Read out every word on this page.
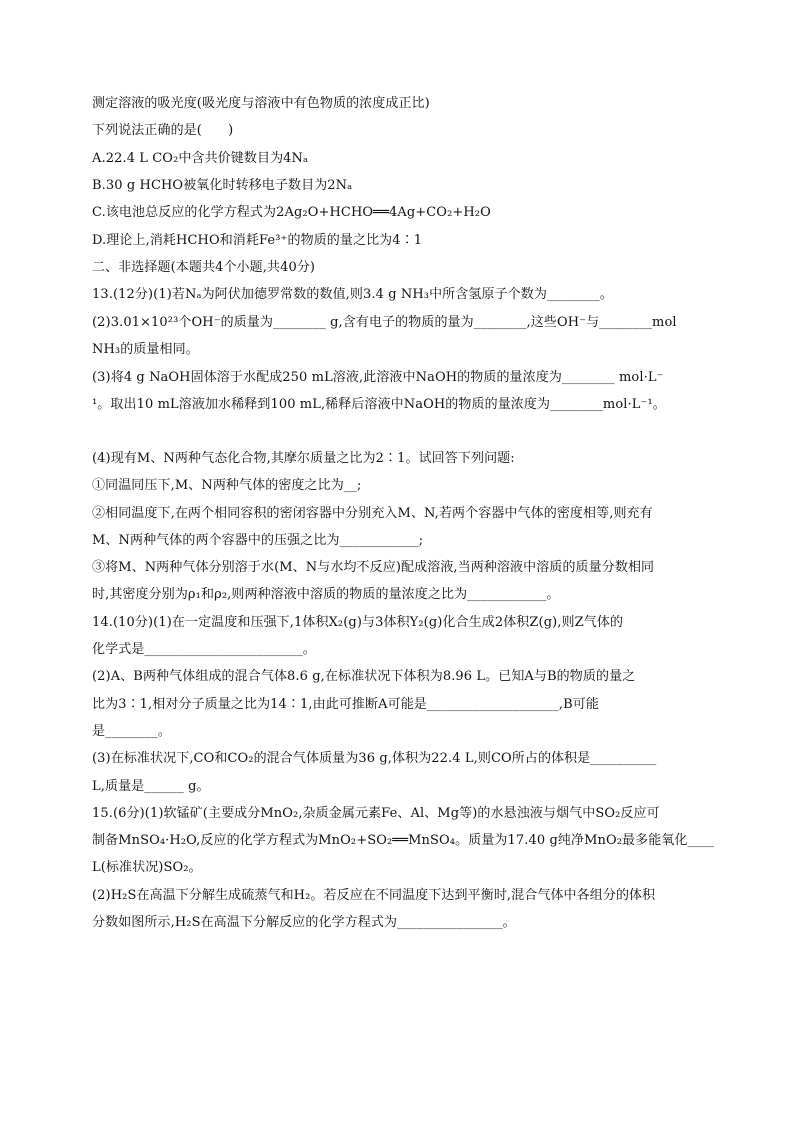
测定溶液的吸光度(吸光度与溶液中有色物质的浓度成正比)
下列说法正确的是(　　)
A.22.4 L CO₂中含共价键数目为4Nₐ
B.30 g HCHO被氧化时转移电子数目为2Nₐ
C.该电池总反应的化学方程式为2Ag₂O+HCHO══4Ag+CO₂+H₂O
D.理论上,消耗HCHO和消耗Fe³⁺的物质的量之比为4∶1
二、非选择题(本题共4个小题,共40分)
13.(12分)(1)若Nₐ为阿伏加德罗常数的数值,则3.4 g NH₃中所含氢原子个数为________。
(2)3.01×10²³个OH⁻的质量为________ g,含有电子的物质的量为________,这些OH⁻与________mol
NH₃的质量相同。
(3)将4 g NaOH固体溶于水配成250 mL溶液,此溶液中NaOH的物质的量浓度为________ mol·L⁻
¹。取出10 mL溶液加水稀释到100 mL,稀释后溶液中NaOH的物质的量浓度为________mol·L⁻¹。
(4)现有M、N两种气态化合物,其摩尔质量之比为2∶1。试回答下列问题:
①同温同压下,M、N两种气体的密度之比为__;
②相同温度下,在两个相同容积的密闭容器中分别充入M、N,若两个容器中气体的密度相等,则充有
M、N两种气体的两个容器中的压强之比为____________;
③将M、N两种气体分别溶于水(M、N与水均不反应)配成溶液,当两种溶液中溶质的质量分数相同
时,其密度分别为ρ₁和ρ₂,则两种溶液中溶质的物质的量浓度之比为____________。
14.(10分)(1)在一定温度和压强下,1体积X₂(g)与3体积Y₂(g)化合生成2体积Z(g),则Z气体的
化学式是________________________。
(2)A、B两种气体组成的混合气体8.6 g,在标准状况下体积为8.96 L。已知A与B的物质的量之
比为3∶1,相对分子质量之比为14∶1,由此可推断A可能是____________________,B可能
是________。
(3)在标准状况下,CO和CO₂的混合气体质量为36 g,体积为22.4 L,则CO所占的体积是__________
L,质量是______ g。
15.(6分)(1)软锰矿(主要成分MnO₂,杂质金属元素Fe、Al、Mg等)的水悬浊液与烟气中SO₂反应可
制备MnSO₄·H₂O,反应的化学方程式为MnO₂+SO₂══MnSO₄。质量为17.40 g纯净MnO₂最多能氧化____
L(标准状况)SO₂。
(2)H₂S在高温下分解生成硫蒸气和H₂。若反应在不同温度下达到平衡时,混合气体中各组分的体积
分数如图所示,H₂S在高温下分解反应的化学方程式为________________。
